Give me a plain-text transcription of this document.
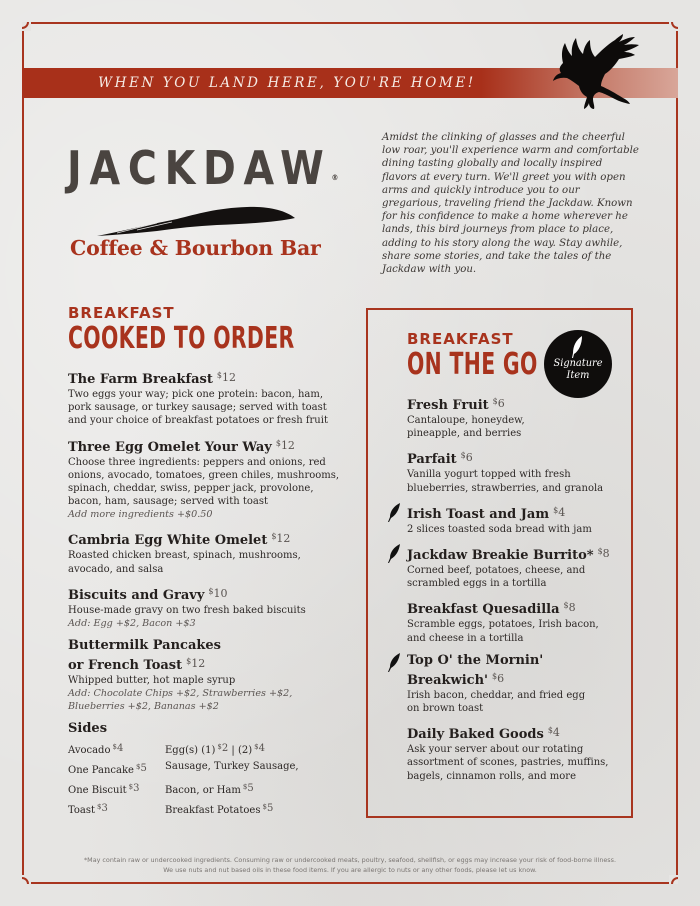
WHEN YOU LAND HERE, YOU'RE HOME!
JACKDAW®
Coffee & Bourbon Bar
Amidst the clinking of glasses and the cheerful low roar, you'll experience warm and comfortable dining tasting globally and locally inspired flavors at every turn. We'll greet you with open arms and quickly introduce you to our gregarious, traveling friend the Jackdaw. Known for his confidence to make a home wherever he lands, this bird journeys from place to place, adding to his story along the way. Stay awhile, share some stories, and take the tales of the Jackdaw with you.
BREAKFAST
COOKED TO ORDER
The Farm Breakfast $^{\$12}$
Two eggs your way; pick one protein: bacon, ham, pork sausage, or turkey sausage; served with toast and your choice of breakfast potatoes or fresh fruit
Three Egg Omelet Your Way $^{\$12}$
Choose three ingredients: peppers and onions, red onions, avocado, tomatoes, green chiles, mushrooms, spinach, cheddar, swiss, pepper jack, provolone, bacon, ham, sausage; served with toast
Add more ingredients +$0.50
Cambria Egg White Omelet $^{\$12}$
Roasted chicken breast, spinach, mushrooms, avocado, and salsa
Biscuits and Gravy $^{\$10}$
House-made gravy on two fresh baked biscuits
Add: Egg +$2, Bacon +$3
Buttermilk Pancakes
or French Toast $^{\$12}$
Whipped butter, hot maple syrup
Add: Chocolate Chips +$2, Strawberries +$2, Blueberries +$2, Bananas +$2
Sides
Avocado $^{\$4}$	Egg(s) (1) $^{\$2}$ | (2) $^{\$4}$
One Pancake $^{\$5}$	Sausage, Turkey Sausage,
One Biscuit $^{\$3}$	Bacon, or Ham $^{\$5}$
Toast $^{\$3}$	Breakfast Potatoes $^{\$5}$
Signature
Item
BREAKFAST
ON THE GO
Fresh Fruit $^{\$6}$
Cantaloupe, honeydew, pineapple, and berries
Parfait $^{\$6}$
Vanilla yogurt topped with fresh blueberries, strawberries, and granola
Irish Toast and Jam $^{\$4}$
2 slices toasted soda bread with jam
Jackdaw Breakie Burrito* $^{\$8}$
Corned beef, potatoes, cheese, and scrambled eggs in a tortilla
Breakfast Quesadilla $^{\$8}$
Scramble eggs, potatoes, Irish bacon, and cheese in a tortilla
Top O' the Mornin'
Breakwich' $^{\$6}$
Irish bacon, cheddar, and fried egg on brown toast
Daily Baked Goods $^{\$4}$
Ask your server about our rotating assortment of scones, pastries, muffins, bagels, cinnamon rolls, and more
*May contain raw or undercooked ingredients. Consuming raw or undercooked meats, poultry, seafood, shellfish, or eggs may increase your risk of food-borne illness.
We use nuts and nut based oils in these food items. If you are allergic to nuts or any other foods, please let us know.
